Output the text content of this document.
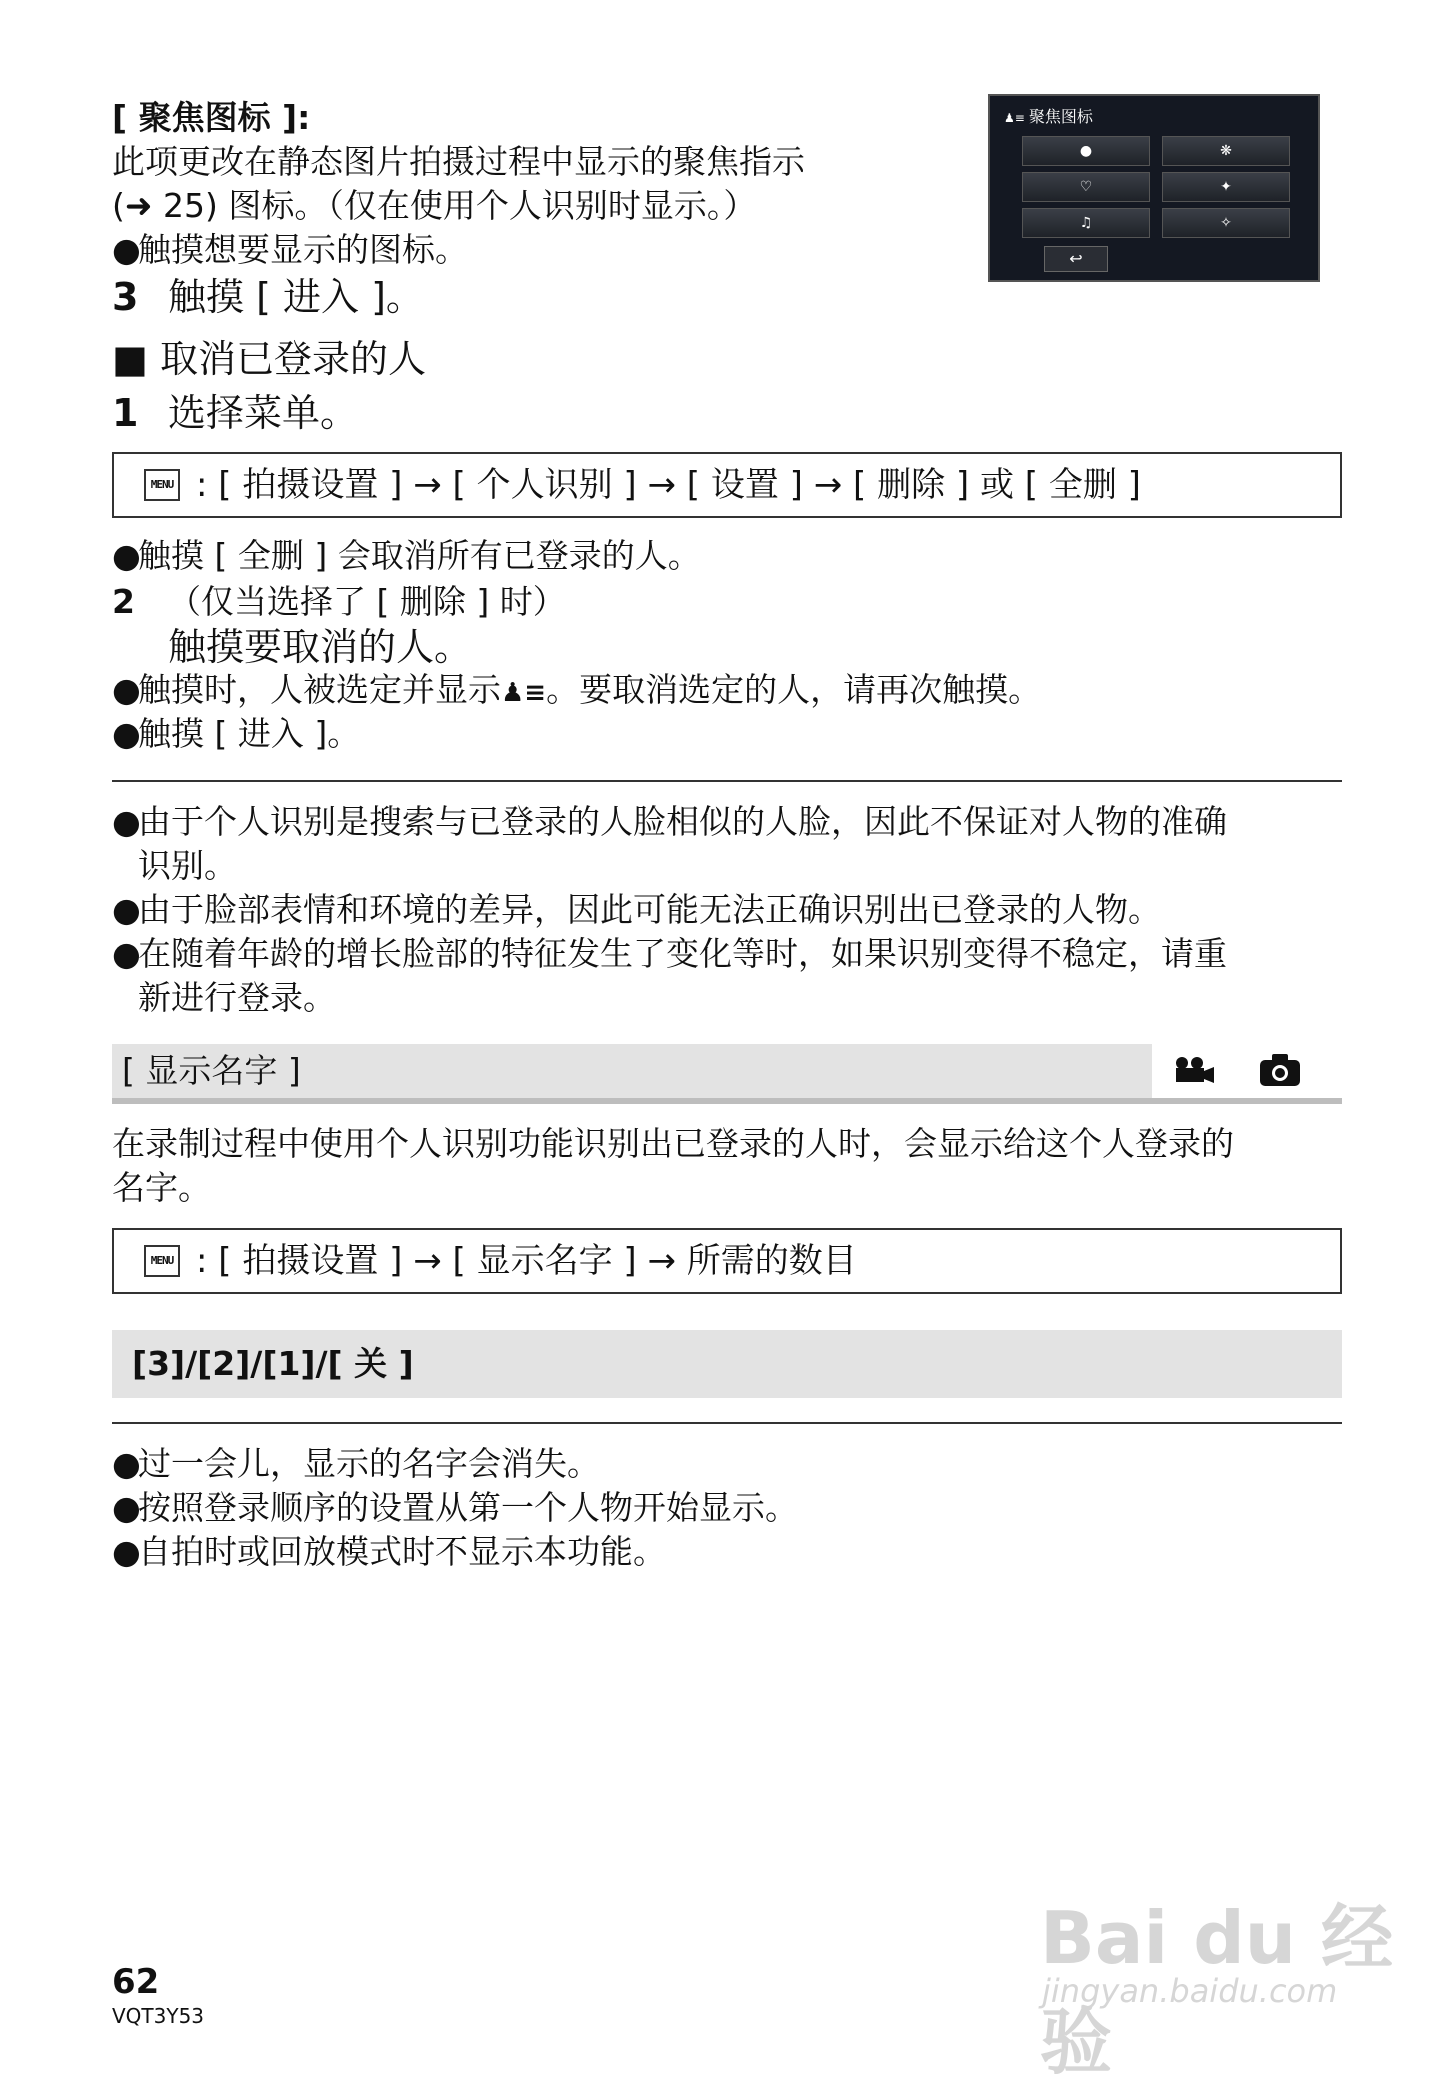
[ 聚焦图标 ]:
此项更改在静态图片拍摄过程中显示的聚焦指示
(➜ 25) 图标。（仅在使用个人识别时显示。）
●触摸想要显示的图标。
3 触摸 [ 进入 ]。
♟≡ 聚焦图标
●	❋
♡	✦
♫	✧
↩
■ 取消已登录的人
1 选择菜单。
MENU : [ 拍摄设置 ] → [ 个人识别 ] → [ 设置 ] → [ 删除 ] 或 [ 全删 ]
●触摸 [ 全删 ] 会取消所有已登录的人。
2 （仅当选择了 [ 删除 ] 时）
触摸要取消的人。
●触摸时，人被选定并显示♟≡。要取消选定的人，请再次触摸。
●触摸 [ 进入 ]。
●由于个人识别是搜索与已登录的人脸相似的人脸，因此不保证对人物的准确
识别。
●由于脸部表情和环境的差异，因此可能无法正确识别出已登录的人物。
●在随着年龄的增长脸部的特征发生了变化等时，如果识别变得不稳定，请重
新进行登录。
[ 显示名字 ]
在录制过程中使用个人识别功能识别出已登录的人时，会显示给这个人登录的
名字。
MENU : [ 拍摄设置 ] → [ 显示名字 ] → 所需的数目
[3]/[2]/[1]/[ 关 ]
●过一会儿，显示的名字会消失。
●按照登录顺序的设置从第一个人物开始显示。
●自拍时或回放模式时不显示本功能。
Bai du 经验
jingyan.baidu.com
62
VQT3Y53
